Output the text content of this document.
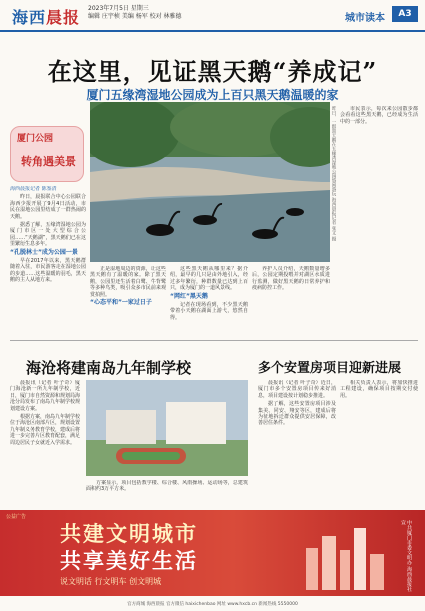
海西晨报 2023年7月5日 星期三
编辑 庄宇桢 美编 杨军 校对 林雅德	城市读本	A3
在这里，见证黑天鹅“养成记”
厦门五缘湾湿地公园成为上百只黑天鹅温暖的家
厦门公园
转角遇美景	昨日，一群黑天鹅在五缘湾湿地公园悠闲游玩 海西晨报记者 张文 摄

海西晨报记者 陈鉴清

昨日，晨报联合中心公园联合海西少报开展了9月4日活动，市民在湿地公园里结成了一群热闹的天鹅。

据悉了解，五缘湾湿地公园为厦门市区一处大型综合公园……“天鹅湖”，黑天鹅们已在这里繁衍生息多年。

“孔脱林士”成为公园一景

早在2017年以来，黑天鹅群随着入驻，市民游客走在湿地公园的步道……这些温暖的羽毛，黑天鹅的主人从地方来。

正是湿地周边的资源，让这些黑天鹅有了温暖的家。除了黑天鹅，公园里还生活着白鹭、牛背鹭等多种鸟类，吸引众多市民前来观赏拍照。

“心态平和”一家过日子

这些黑天鹅从哪里来？据介绍，最早的几只是由外地引入，经过多年繁衍，种群数量已达到上百只，成为厦门的一道风景线。

“网红”黑天鹅

记者在现场看到，不少黑天鹅带着小天鹅在湖面上游弋，悠然自得。

养护人员介绍，天鹅数量增多后，公园定期投喂并对湖区水质进行监测，做好黑天鹅的日常养护和疫病防控工作。

市民表示，每次来公园散步都会看看这些黑天鹅，已经成为生活中的一部分。

海沧将建南岛九年制学校

晨报讯（记者 叶子奇）厦门海沧新一所九年制学校，近日，厦门市自然资源和规划局海沧分局发布了南岛九年制学校规划建设方案。

根据方案，南岛九年制学校位于海沧区南部片区，规划设置九年制义务教育学校，建成后将进一步完善片区教育配套，满足周边居民子女就近入学需求。

方案显示，项目包括教学楼、综合楼、风雨操场、运动场等，总建筑面积约3万平方米。

多个安置房项目迎新进展

晨报讯（记者 叶子奇）近日，厦门市多个安置房项目传来好消息，项目建设按计划稳步推进。

据了解，这些安置房项目涉及集美、同安、翔安等区，建成后将为征地拆迁群众提供安居保障，改善居住条件。

相关负责人表示，将加快推进工程建设，确保项目按期交付使用。

公益广告
共建文明城市
共享美好生活
说文明话 行文明车 创文明城	中共厦门市委文明办 海西晨报社 宣
官方商城 海西晨报 官方微信 haixichenbao 网址 www.hxcb.cn 新闻热线 5550000
